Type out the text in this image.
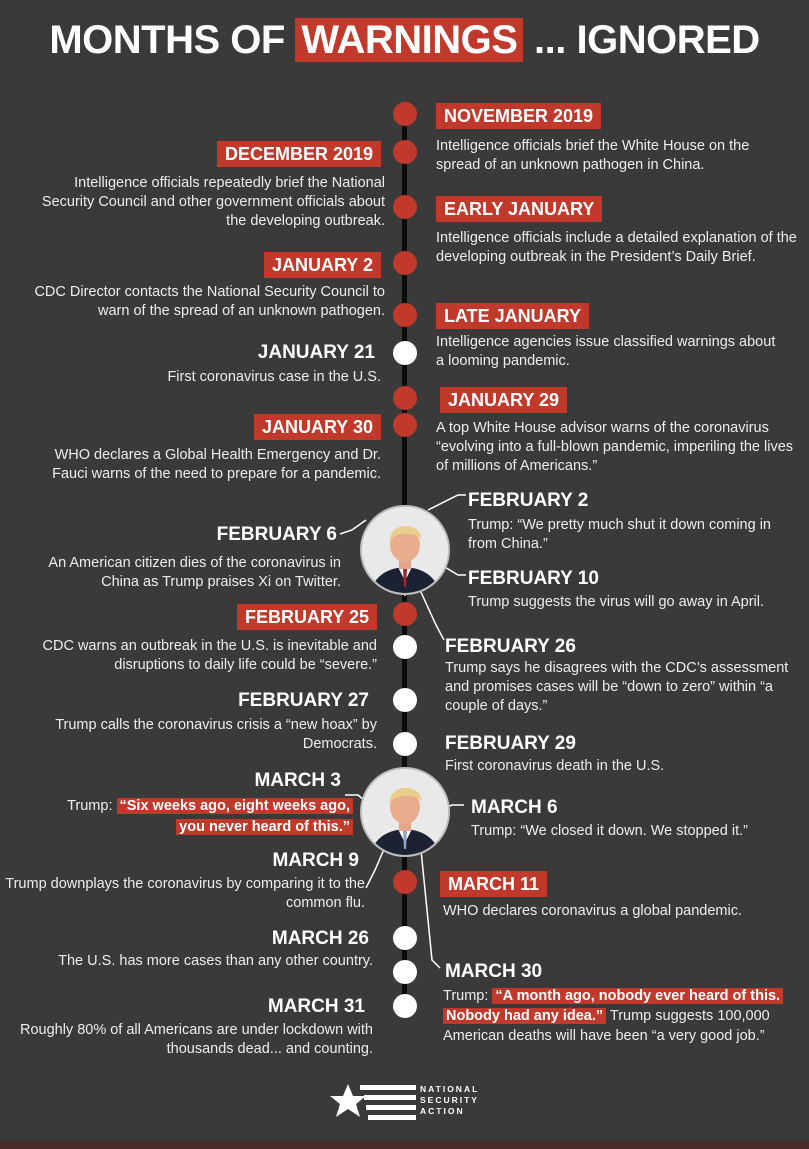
MONTHS OF WARNINGS ... IGNORED
NOVEMBER 2019
Intelligence officials brief the White House on the spread of an unknown pathogen in China.
DECEMBER 2019
Intelligence officials repeatedly brief the National Security Council and other government officials about the developing outbreak.
EARLY JANUARY
Intelligence officials include a detailed explanation of the developing outbreak in the President’s Daily Brief.
JANUARY 2
CDC Director contacts the National Security Council to warn of the spread of an unknown pathogen.	LATE JANUARY
Intelligence agencies issue classified warnings about a looming pandemic.
JANUARY 21
First coronavirus case in the U.S.
JANUARY 29
A top White House advisor warns of the coronavirus “evolving into a full-blown pandemic, imperiling the lives of millions of Americans.”
JANUARY 30
WHO declares a Global Health Emergency and Dr. Fauci warns of the need to prepare for a pandemic.
FEBRUARY 2
Trump: “We pretty much shut it down coming in from China.”
FEBRUARY 6
An American citizen dies of the coronavirus in China as Trump praises Xi on Twitter.	FEBRUARY 10
Trump suggests the virus will go away in April.
FEBRUARY 25
CDC warns an outbreak in the U.S. is inevitable and disruptions to daily life could be “severe.”
FEBRUARY 26
Trump says he disagrees with the CDC’s assessment and promises cases will be “down to zero” within “a couple of days.”
FEBRUARY 27
Trump calls the coronavirus crisis a “new hoax” by Democrats.	FEBRUARY 29
First coronavirus death in the U.S.
MARCH 3
Trump: “Six weeks ago, eight weeks ago,
you never heard of this.”
MARCH 6
Trump: “We closed it down. We stopped it.”
MARCH 9
Trump downplays the coronavirus by comparing it to the common flu.
MARCH 11
WHO declares coronavirus a global pandemic.
MARCH 26
The U.S. has more cases than any other country.	MARCH 30
Trump: “A month ago, nobody ever heard of this. Nobody had any idea.” Trump suggests 100,000 American deaths will have been “a very good job.”
MARCH 31
Roughly 80% of all Americans are under lockdown with thousands dead... and counting.
NATIONAL
SECURITY
ACTION
